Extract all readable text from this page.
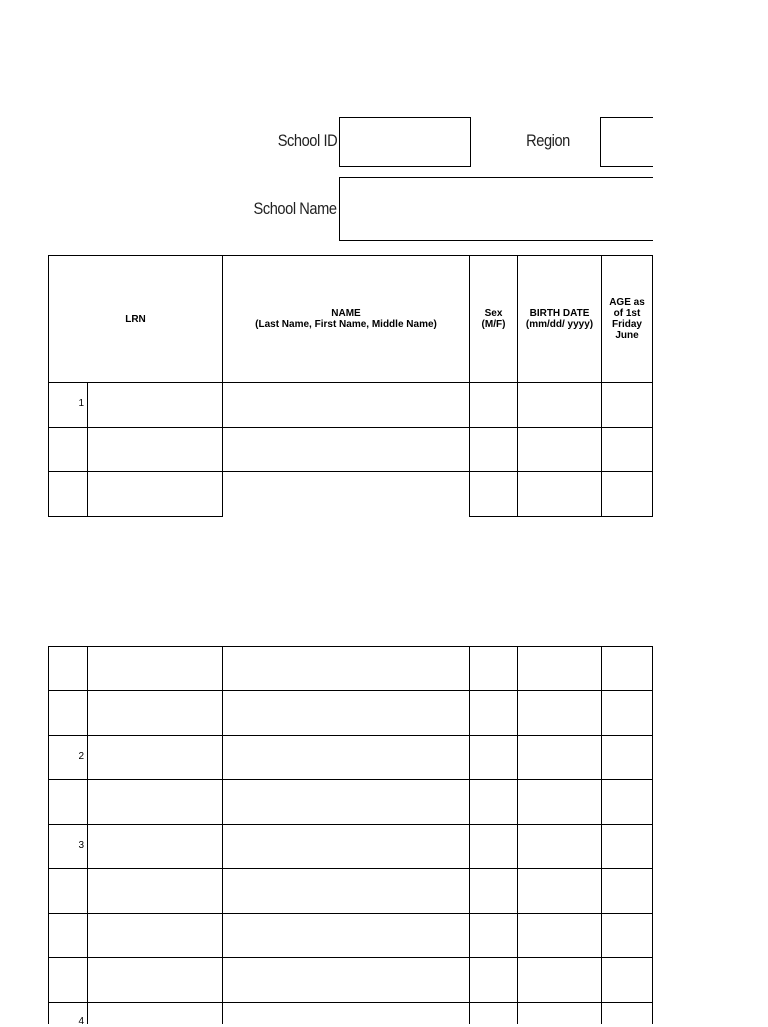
School ID	Region
School Name
LRN	NAME
(Last Name, First Name, Middle Name)
Sex
(M/F)
BIRTH DATE
(mm/dd/ yyyy)
AGE as
of 1st
Friday
June
1
2
3
4
